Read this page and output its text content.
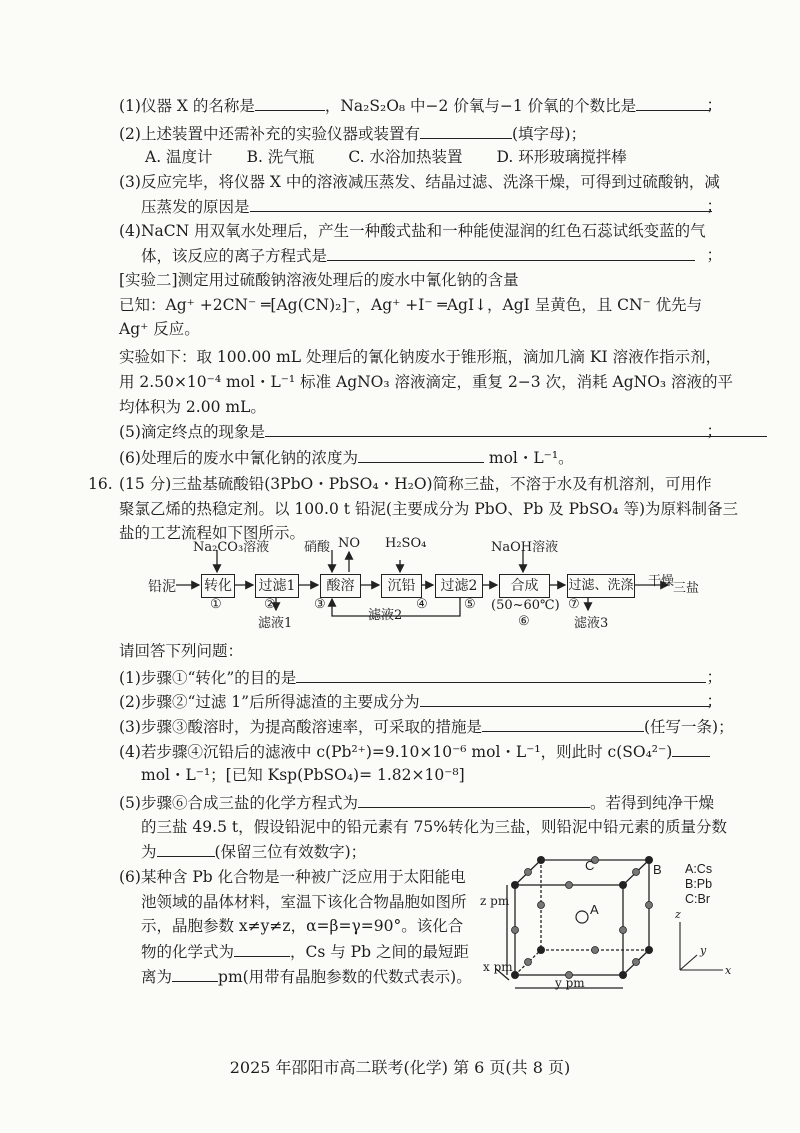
(1)仪器 X 的名称是	，Na₂S₂O₈ 中−2 价氧与−1 价氧的个数比是	；
(2)上述装置中还需补充的实验仪器或装置有	(填字母)；
A. 温度计 B. 洗气瓶 C. 水浴加热装置 D. 环形玻璃搅拌棒
(3)反应完毕，将仪器 X 中的溶液减压蒸发、结晶过滤、洗涤干燥，可得到过硫酸钠，减
压蒸发的原因是	；
(4)NaCN 用双氧水处理后，产生一种酸式盐和一种能使湿润的红色石蕊试纸变蓝的气
体，该反应的离子方程式是	；
[实验二]测定用过硫酸钠溶液处理后的废水中氰化钠的含量
已知：Ag⁺ +2CN⁻ ═[Ag(CN)₂]⁻，Ag⁺ +I⁻ ═AgI↓，AgI 呈黄色，且 CN⁻ 优先与
Ag⁺ 反应。
实验如下：取 100.00 mL 处理后的氰化钠废水于锥形瓶，滴加几滴 KI 溶液作指示剂，
用 2.50×10⁻⁴ mol・L⁻¹ 标准 AgNO₃ 溶液滴定，重复 2−3 次，消耗 AgNO₃ 溶液的平
均体积为 2.00 mL。
(5)滴定终点的现象是	；
(6)处理后的废水中氰化钠的浓度为	mol・L⁻¹。
16. (15 分)三盐基硫酸铅(3PbO・PbSO₄・H₂O)简称三盐，不溶于水及有机溶剂，可用作
聚氯乙烯的热稳定剂。以 100.0 t 铅泥(主要成分为 PbO、Pb 及 PbSO₄ 等)为原料制备三
盐的工艺流程如下图所示。
铅泥 转化 过滤1	酸溶	沉铅	过滤2	合成	过滤、洗涤 干燥
三盐
Na₂CO₃溶液	硝酸 NO H₂SO₄	NaOH溶液
①	②	③	④	⑤
⑥
⑦
滤液1
滤液2
滤液3
(50~60℃)
请回答下列问题：
(1)步骤①“转化”的目的是	；
(2)步骤②“过滤 1”后所得滤渣的主要成分为	；
(3)步骤③酸溶时，为提高酸溶速率，可采取的措施是	(任写一条)；
(4)若步骤④沉铅后的滤液中 c(Pb²⁺)=9.10×10⁻⁶ mol・L⁻¹，则此时 c(SO₄²⁻)
mol・L⁻¹；[已知 Ksp(PbSO₄)= 1.82×10⁻⁸]
(5)步骤⑥合成三盐的化学方程式为	。若得到纯净干燥
的三盐 49.5 t，假设铅泥中的铅元素有 75%转化为三盐，则铅泥中铅元素的质量分数
为	(保留三位有效数字)；
(6)某种含 Pb 化合物是一种被广泛应用于太阳能电
池领域的晶体材料，室温下该化合物晶胞如图所
示，晶胞参数 x≠y≠z，α=β=γ=90°。该化合
物的化学式为	，Cs 与 Pb 之间的最短距
离为	pm(用带有晶胞参数的代数式表示)。
A
B
C
z pm
x pm
y pm
A:Cs
B:Pb
C:Br
z
y
x
2025 年邵阳市高二联考(化学) 第 6 页(共 8 页)
